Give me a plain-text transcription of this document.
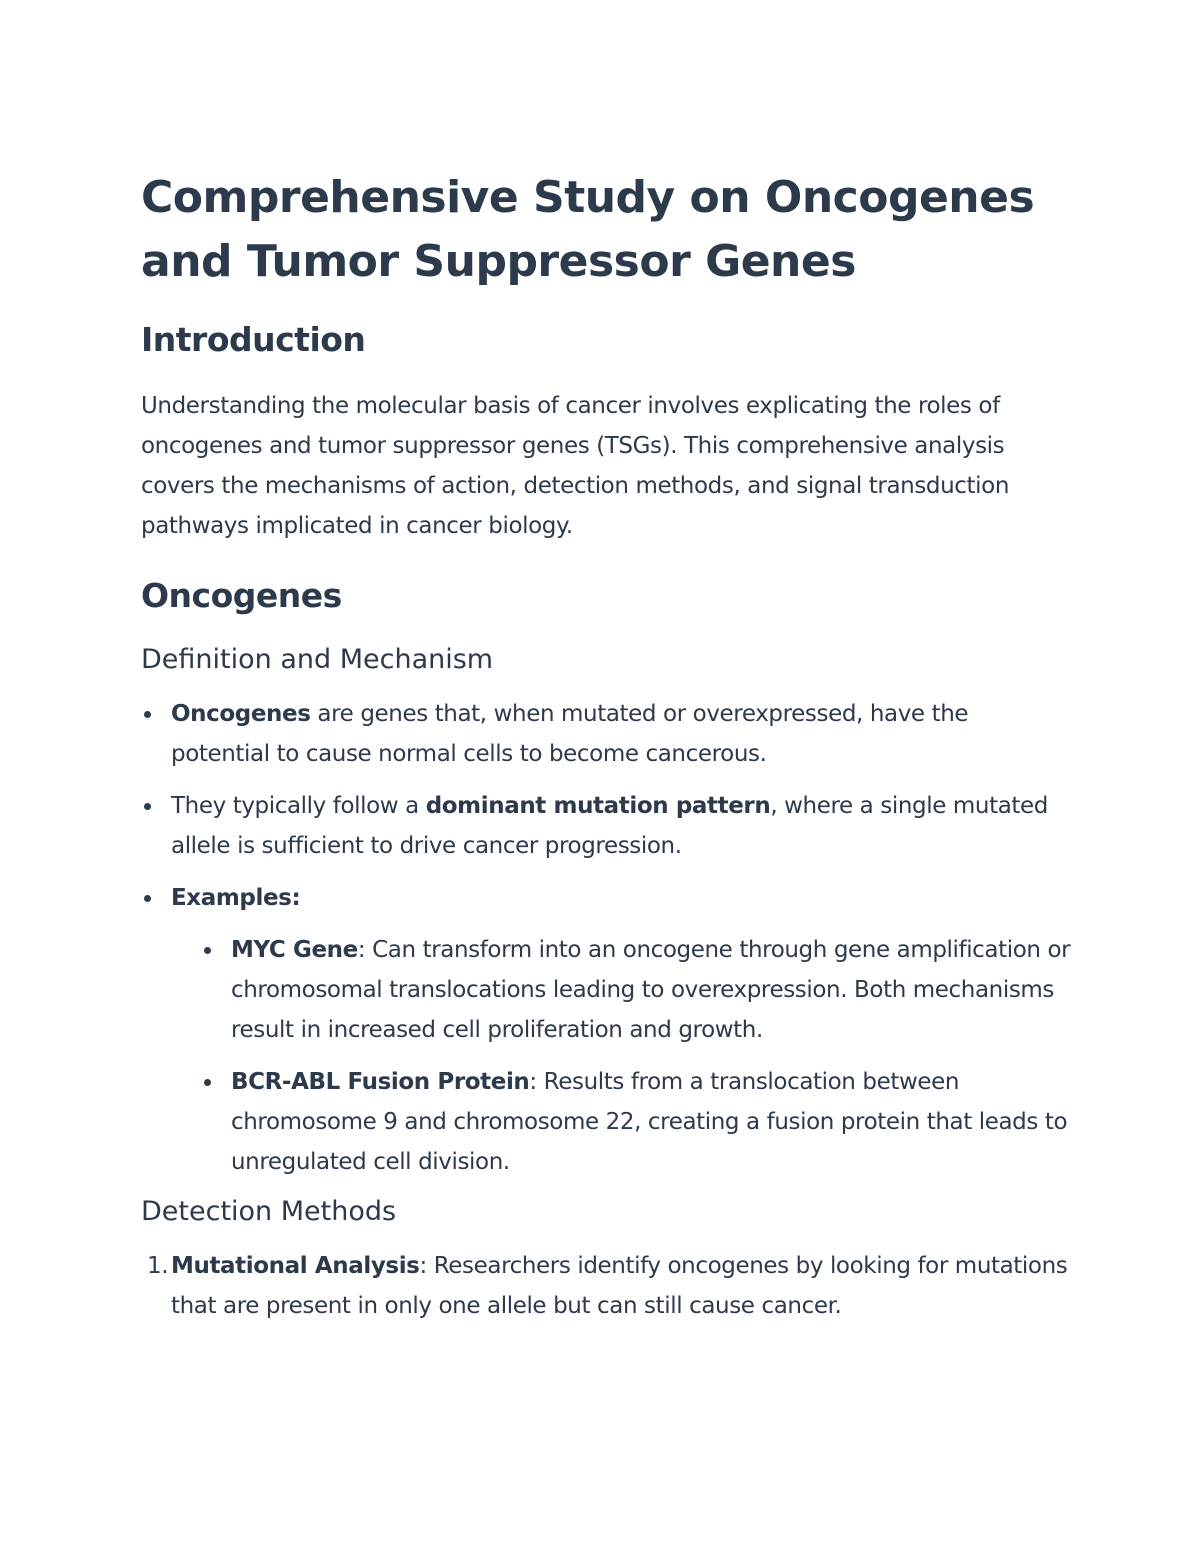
Comprehensive Study on Oncogenes and Tumor Suppressor Genes
Introduction

Understanding the molecular basis of cancer involves explicating the roles of oncogenes and tumor suppressor genes (TSGs). This comprehensive analysis covers the mechanisms of action, detection methods, and signal transduction pathways implicated in cancer biology.

Oncogenes
Definition and Mechanism
Oncogenes are genes that, when mutated or overexpressed, have the potential to cause normal cells to become cancerous.
They typically follow a dominant mutation pattern, where a single mutated allele is sufficient to drive cancer progression.
Examples:
MYC Gene: Can transform into an oncogene through gene amplification or chromosomal translocations leading to overexpression. Both mechanisms result in increased cell proliferation and growth.
BCR-ABL Fusion Protein: Results from a translocation between chromosome 9 and chromosome 22, creating a fusion protein that leads to unregulated cell division.
Detection Methods
1. Mutational Analysis: Researchers identify oncogenes by looking for mutations that are present in only one allele but can still cause cancer.
